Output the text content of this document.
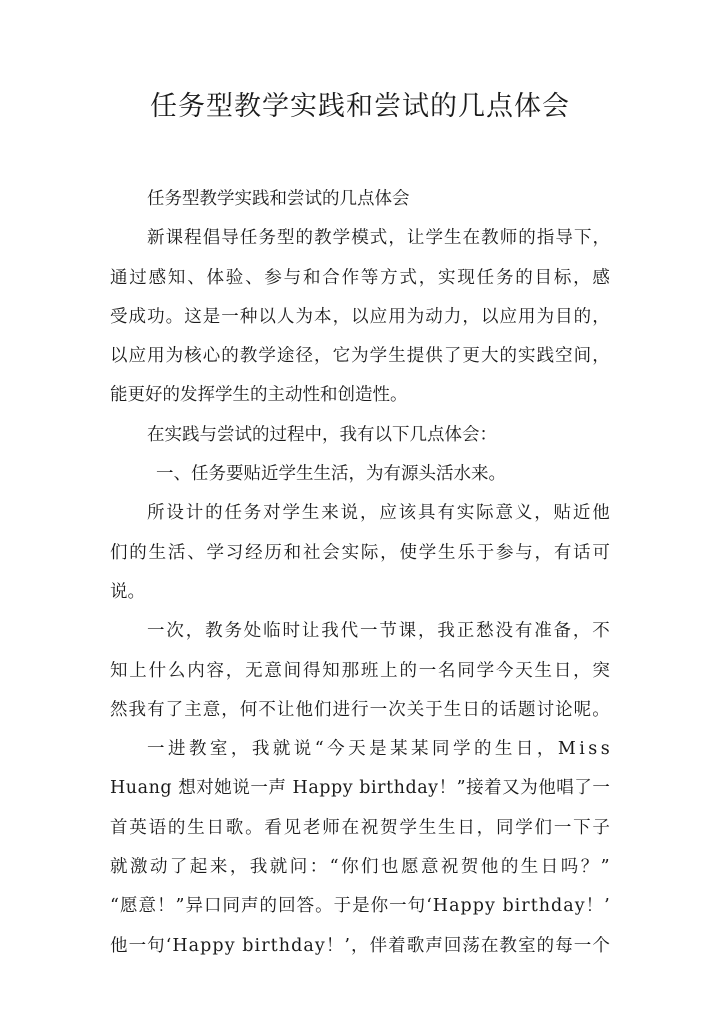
任务型教学实践和尝试的几点体会
任务型教学实践和尝试的几点体会
新 课 程 倡 导 任 务 型 的 教 学 模 式 ， 让 学 生 在 教 师 的 指 导 下 ，
通 过 感 知 、 体 验 、 参 与 和 合 作 等 方 式 ， 实 现 任 务 的 目 标 ， 感
受 成 功 。 这 是 一 种 以 人 为 本 ， 以 应 用 为 动 力 ， 以 应 用 为 目 的 ，
以 应 用 为 核 心 的 教 学 途 径 ， 它 为 学 生 提 供 了 更 大 的 实 践 空 间 ，
能更好的发挥学生的主动性和创造性。
在实践与尝试的过程中，我有以下几点体会：
一、任务要贴近学生生活，为有源头活水来。
所 设 计 的 任 务 对 学 生 来 说 ， 应 该 具 有 实 际 意 义 ， 贴 近 他
们 的 生 活 、 学 习 经 历 和 社 会 实 际 ， 使 学 生 乐 于 参 与 ， 有 话 可
说。
一 次 ， 教 务 处 临 时 让 我 代 一 节 课 ， 我 正 愁 没 有 准 备 ， 不
知 上 什 么 内 容 ， 无 意 间 得 知 那 班 上 的 一 名 同 学 今 天 生 日 ， 突
然 我 有 了 主 意 ， 何 不 让 他 们 进 行 一 次 关 于 生 日 的 话 题 讨 论 呢 。
一 进 教 室 ， 我 就 说 “ 今 天 是 某 某 同 学 的 生 日 ， M i s s
H u a n g
想 对 她 说 一 声
H a p p y
b i r t h d a y ！ ” 接 着 又 为 他 唱 了 一
首 英 语 的 生 日 歌 。 看 见 老 师 在 祝 贺 学 生 生 日 ， 同 学 们 一 下 子
就 激 动 了 起 来 ， 我 就 问 ： “ 你 们 也 愿 意 祝 贺 他 的 生 日 吗 ？ ”
“ 愿 意 ！ ” 异 口 同 声 的 回 答 。 于 是 你 一 句 ‘ H a p p y
b i r t h d a y ！ ’
他 一 句 ‘ H a p p y
b i r t h d a y ！ ’ ， 伴 着 歌 声 回 荡 在 教 室 的 每 一 个
